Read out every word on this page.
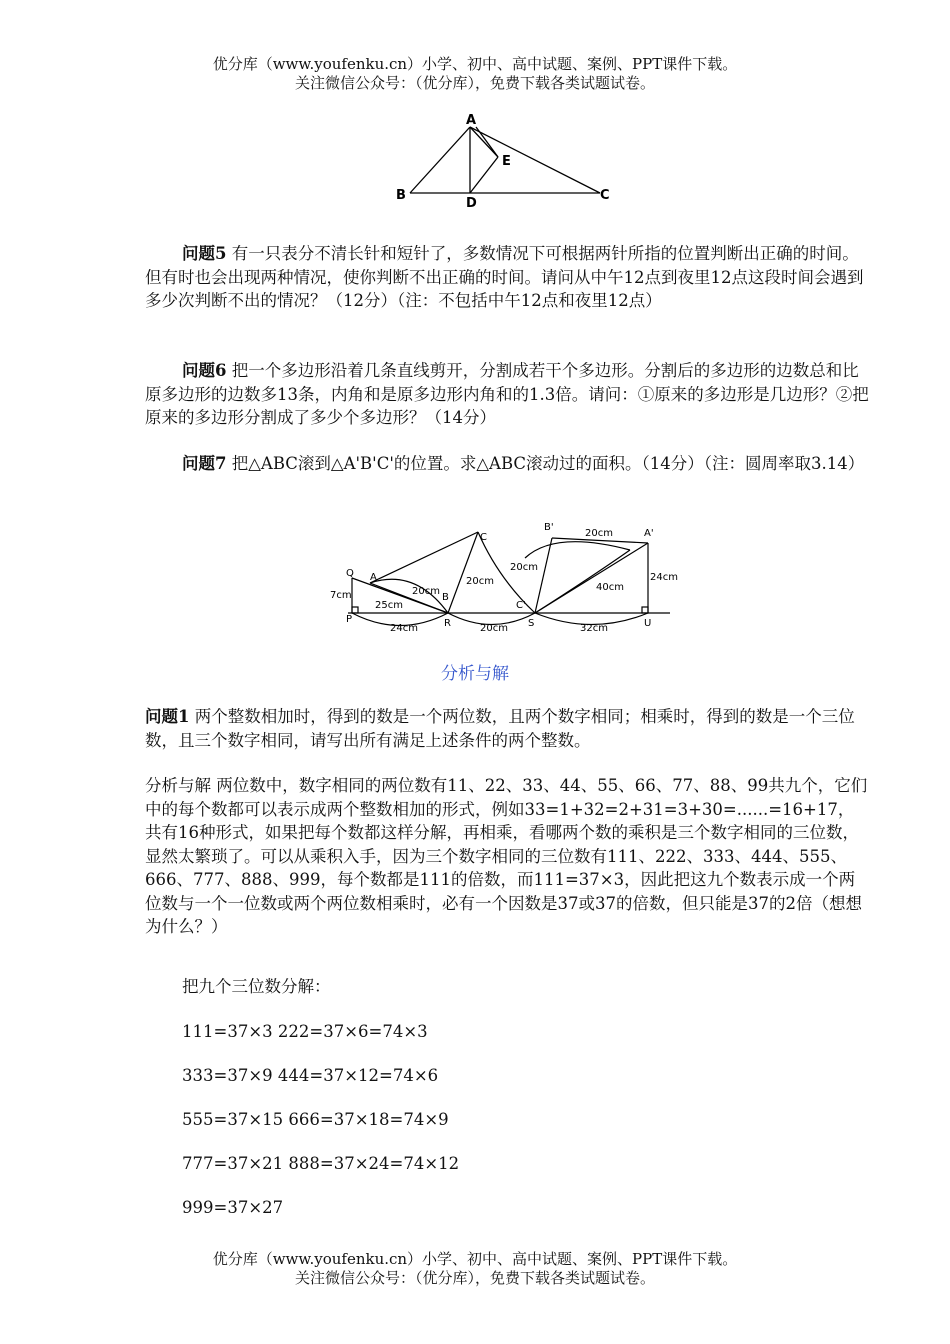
优分库（www.youfenku.cn）小学、初中、高中试题、案例、PPT课件下载。
关注微信公众号：（优分库），免费下载各类试题试卷。
A
B	C
D
E
问题5 有一只表分不清长针和短针了，多数情况下可根据两针所指的位置判断出正确的时间。但有时也会出现两种情况，使你判断不出正确的时间。请问从中午12点到夜里12点这段时间会遇到多少次判断不出的情况？（12分）（注：不包括中午12点和夜里12点）
问题6 把一个多边形沿着几条直线剪开，分割成若干个多边形。分割后的多边形的边数总和比原多边形的边数多13条，内角和是原多边形内角和的1.3倍。请问：①原来的多边形是几边形？②把原来的多边形分割成了多少个多边形？（14分）
问题7 把△ABC滚到△A'B'C'的位置。求△ABC滚动过的面积。（14分）（注：圆周率取3.14）
Q A
B
C
P	R
B'
A'
C'
S	U
7cm
25cm
20cm
20cm
24cm	20cm
20cm
20cm
40cm
24cm
32cm
分析与解
问题1 两个整数相加时，得到的数是一个两位数，且两个数字相同；相乘时，得到的数是一个三位数，且三个数字相同，请写出所有满足上述条件的两个整数。
分析与解 两位数中，数字相同的两位数有11、22、33、44、55、66、77、88、99共九个，它们中的每个数都可以表示成两个整数相加的形式，例如33=1+32=2+31=3+30=......=16+17，共有16种形式，如果把每个数都这样分解，再相乘，看哪两个数的乘积是三个数字相同的三位数，显然太繁琐了。可以从乘积入手，因为三个数字相同的三位数有111、222、333、444、555、666、777、888、999，每个数都是111的倍数，而111=37×3，因此把这九个数表示成一个两位数与一个一位数或两个两位数相乘时，必有一个因数是37或37的倍数，但只能是37的2倍（想想为什么？）
把九个三位数分解：
111=37×3 222=37×6=74×3
333=37×9 444=37×12=74×6
555=37×15 666=37×18=74×9
777=37×21 888=37×24=74×12
999=37×27
优分库（www.youfenku.cn）小学、初中、高中试题、案例、PPT课件下载。
关注微信公众号：（优分库），免费下载各类试题试卷。
